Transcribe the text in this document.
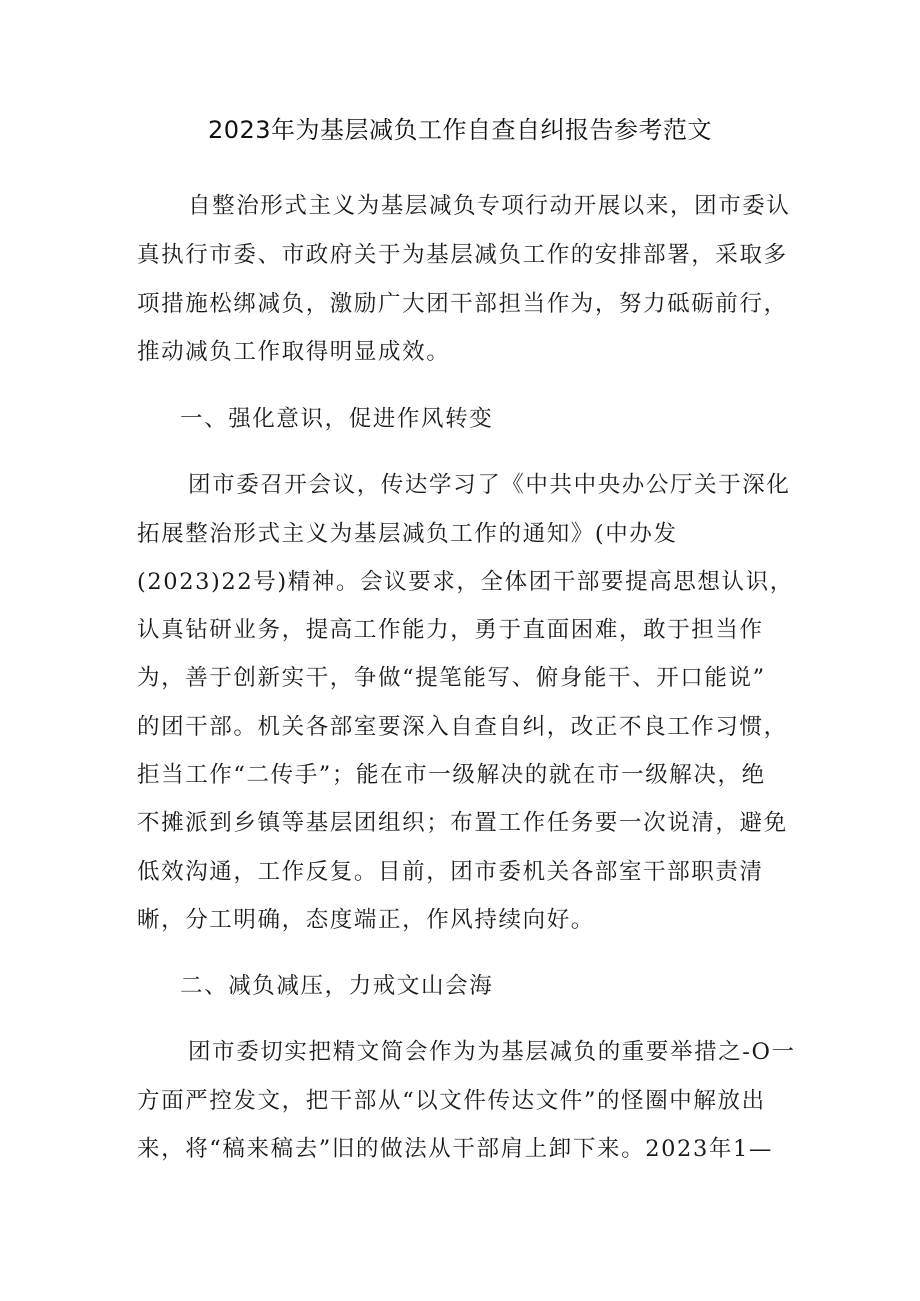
2023年为基层减负工作自查自纠报告参考范文
自整治形式主义为基层减负专项行动开展以来，团市委认
真执行市委、市政府关于为基层减负工作的安排部署，采取多
项措施松绑减负，激励广大团干部担当作为，努力砥砺前行，
推动减负工作取得明显成效。
一、强化意识，促进作风转变
团市委召开会议，传达学习了《中共中央办公厅关于深化
拓展整治形式主义为基层减负工作的通知》(中办发
(2023)22号)精神。会议要求，全体团干部要提高思想认识，
认真钻研业务，提高工作能力，勇于直面困难，敢于担当作
为，善于创新实干，争做“提笔能写、俯身能干、开口能说”
的团干部。机关各部室要深入自查自纠，改正不良工作习惯，
拒当工作“二传手”；能在市一级解决的就在市一级解决，绝
不摊派到乡镇等基层团组织；布置工作任务要一次说清，避免
低效沟通，工作反复。目前，团市委机关各部室干部职责清
晰，分工明确，态度端正，作风持续向好。
二、减负减压，力戒文山会海
团市委切实把精文简会作为为基层减负的重要举措之-O一
方面严控发文，把干部从“以文件传达文件”的怪圈中解放出
来，将“稿来稿去”旧的做法从干部肩上卸下来。2023年1—
